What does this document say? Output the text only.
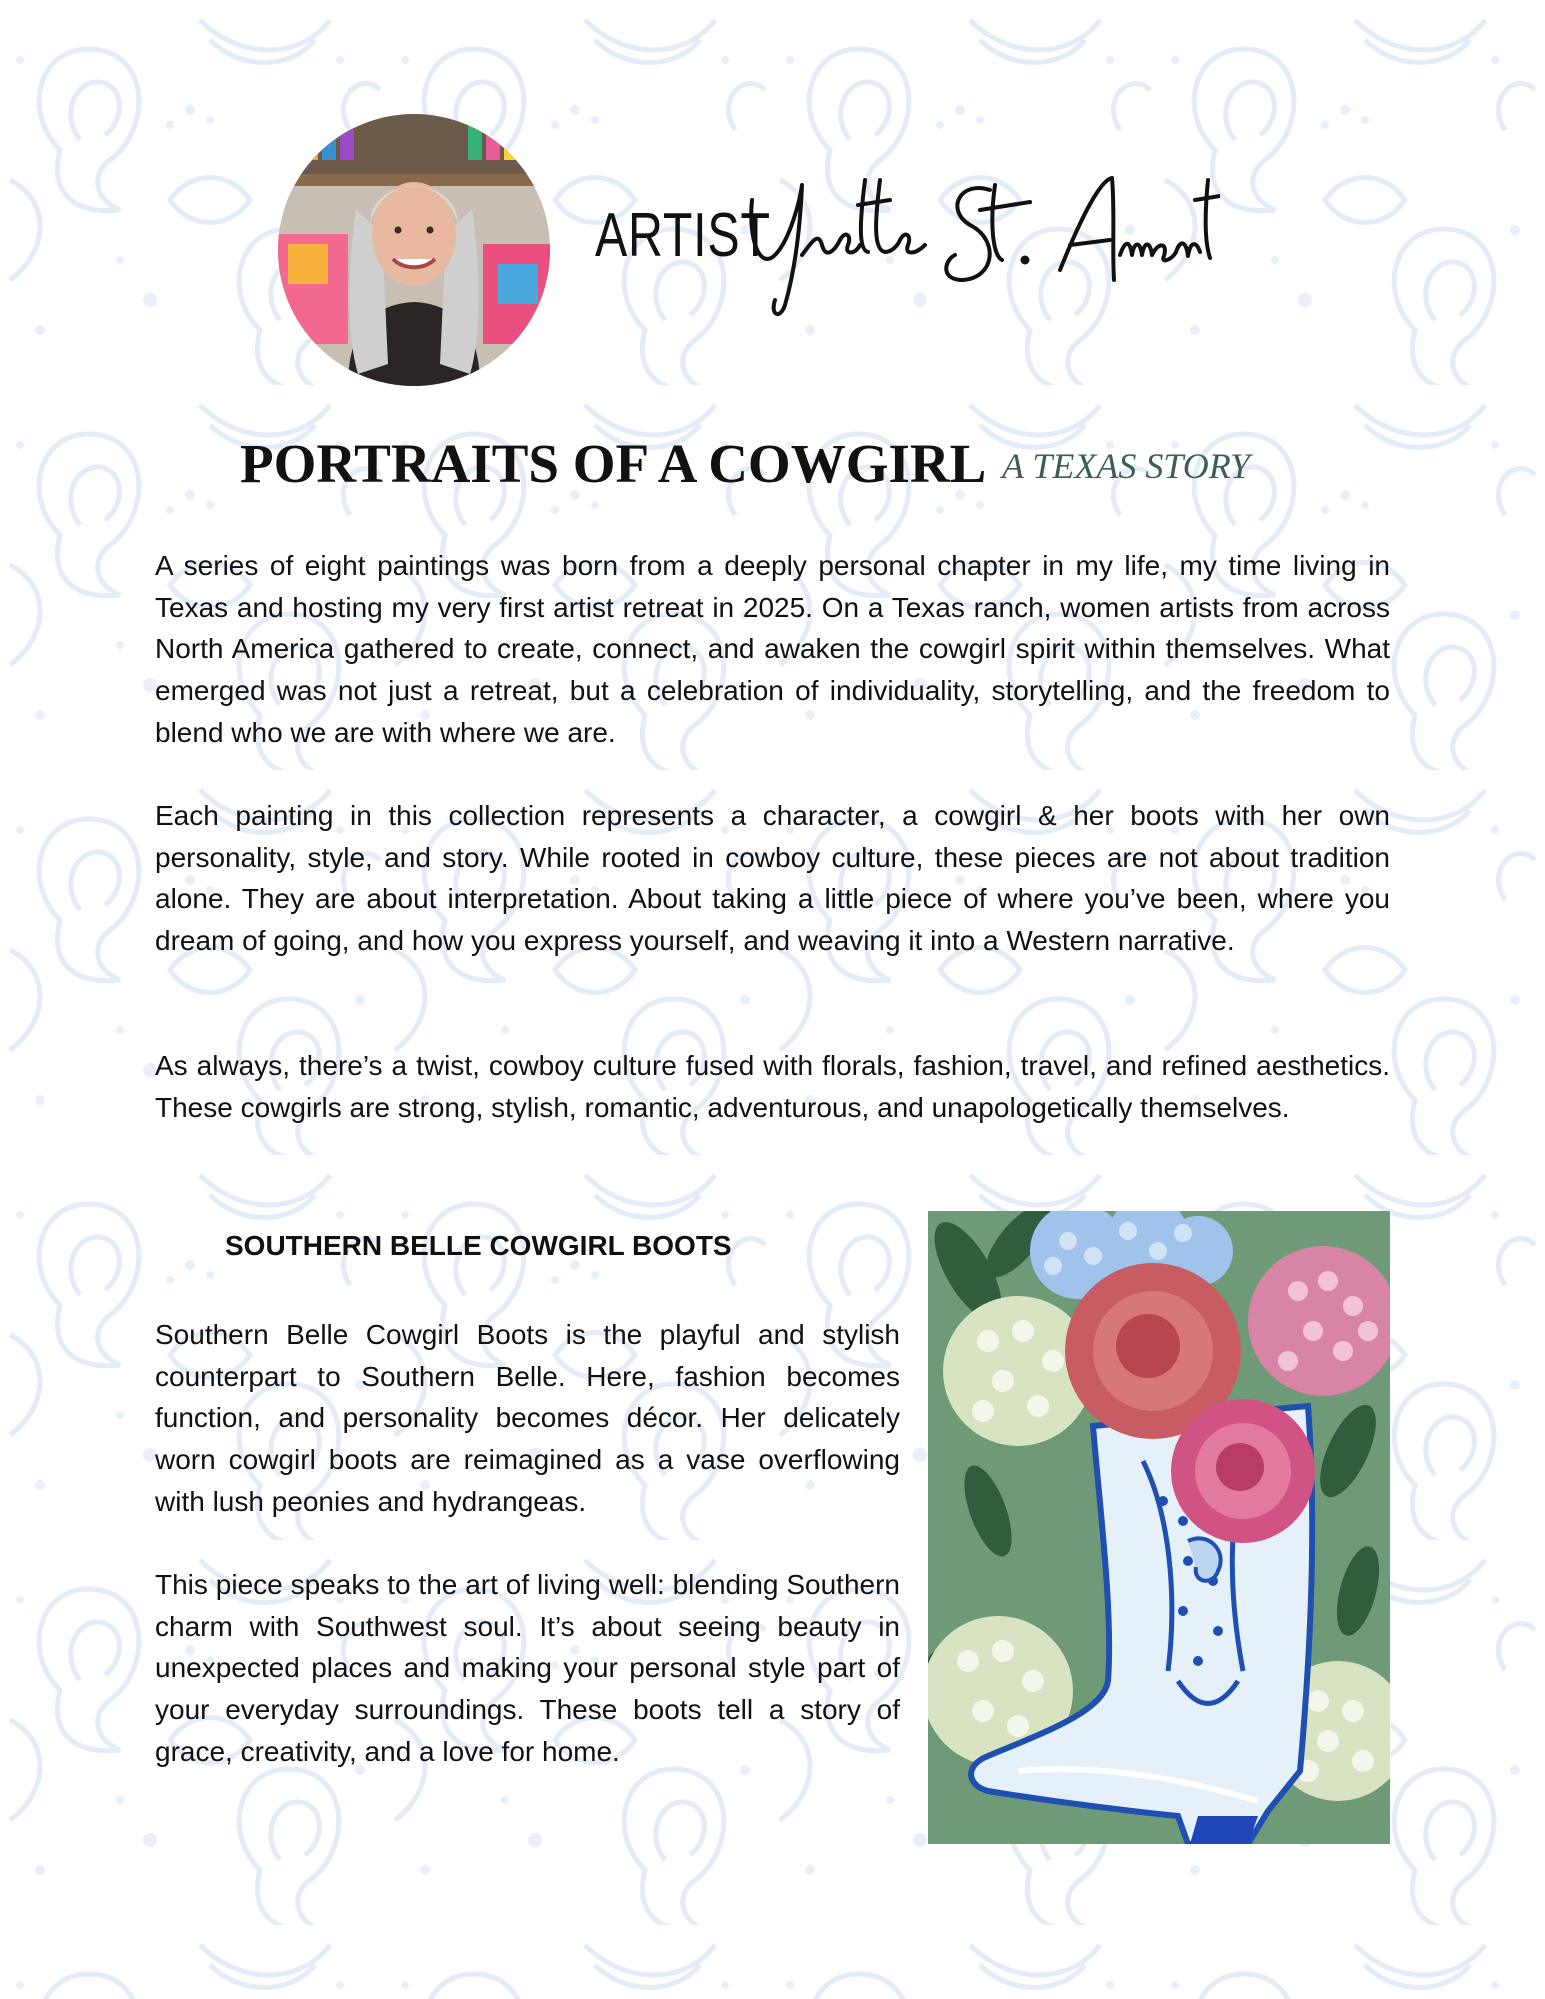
ARTIST
PORTRAITS OF A COWGIRL A TEXAS STORY

A series of eight paintings was born from a deeply personal chapter in my life, my time living in Texas and hosting my very first artist retreat in 2025. On a Texas ranch, women artists from across North America gathered to create, connect, and awaken the cowgirl spirit within themselves. What emerged was not just a retreat, but a celebration of individuality, storytelling, and the freedom to blend who we are with where we are.

Each painting in this collection represents a character, a cowgirl & her boots with her own personality, style, and story. While rooted in cowboy culture, these pieces are not about tradition alone. They are about interpretation. About taking a little piece of where you’ve been, where you dream of going, and how you express yourself, and weaving it into a Western narrative.

As always, there’s a twist, cowboy culture fused with florals, fashion, travel, and refined aesthetics. These cowgirls are strong, stylish, romantic, adventurous, and unapologetically themselves.

SOUTHERN BELLE COWGIRL BOOTS

Southern Belle Cowgirl Boots is the playful and stylish counterpart to Southern Belle. Here, fashion becomes function, and personality becomes décor. Her delicately worn cowgirl boots are reimagined as a vase overflowing with lush peonies and hydrangeas.

This piece speaks to the art of living well: blending Southern charm with Southwest soul. It’s about seeing beauty in unexpected places and making your personal style part of your everyday surroundings. These boots tell a story of grace, creativity, and a love for home.
